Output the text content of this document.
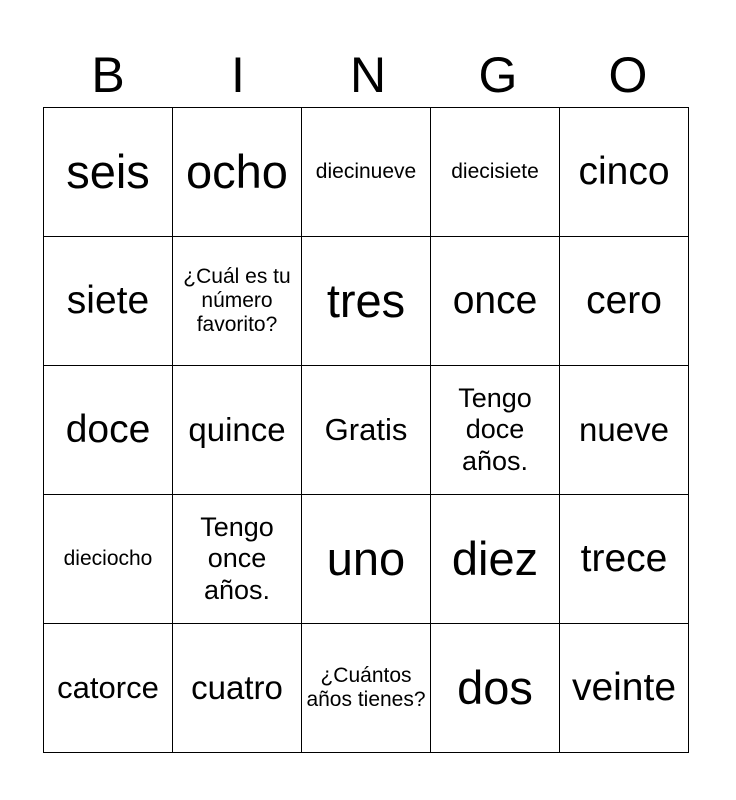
B	I	N	G	O
seis	ocho	diecinueve	diecisiete	cinco
siete	¿Cuál es tu número favorito?	tres	once	cero
doce	quince	Gratis	Tengo doce años.	nueve
dieciocho	Tengo once años.	uno	diez	trece
catorce	cuatro	¿Cuántos años tienes?	dos	veinte
